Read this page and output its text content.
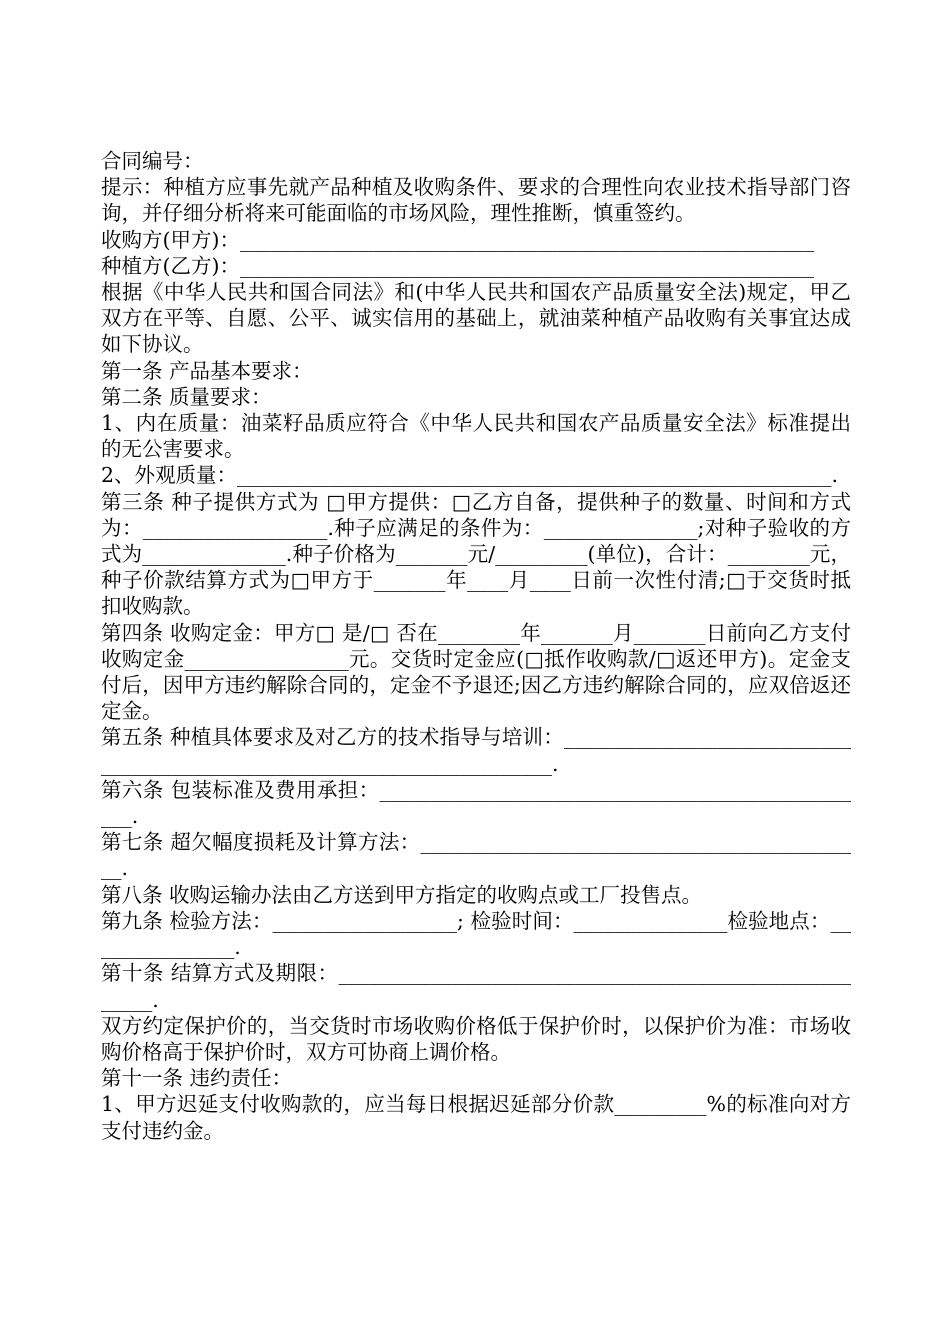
合同编号：

提示：种植方应事先就产品种植及收购条件、要求的合理性向农业技术指导部门咨询，并仔细分析将来可能面临的市场风险，理性推断，慎重签约。

收购方(甲方)：________________________________________________________

种植方(乙方)：________________________________________________________

根据《中华人民共和国合同法》和(中华人民共和国农产品质量安全法)规定，甲乙双方在平等、自愿、公平、诚实信用的基础上，就油菜种植产品收购有关事宜达成如下协议。

第一条 产品基本要求：

第二条 质量要求：

1、内在质量：油菜籽品质应符合《中华人民共和国农产品质量安全法》标准提出的无公害要求。

2、外观质量：__________________________________________________________.

第三条 种子提供方式为 □甲方提供：□乙方自备，提供种子的数量、时间和方式为：__________________.种子应满足的条件为：_______________;对种子验收的方式为______________.种子价格为_______元/_________(单位)，合计：________元，种子价款结算方式为□甲方于_______年____月____日前一次性付清;□于交货时抵扣收购款。

第四条 收购定金：甲方□ 是/□ 否在________年_______月_______日前向乙方支付收购定金________________元。交货时定金应(□抵作收购款/□返还甲方)。定金支付后，因甲方违约解除合同的，定金不予退还;因乙方违约解除合同的，应双倍返还定金。

第五条 种植具体要求及对乙方的技术指导与培训：________________________________________________________________________.

第六条 包装标准及费用承担：_________________________________________________.

第七条 超欠幅度损耗及计算方法：____________________________________________.

第八条 收购运输办法由乙方送到甲方指定的收购点或工厂投售点。

第九条 检验方法：__________________; 检验时间：_______________检验地点：_______________.

第十条 结算方式及期限：_______________________________________________________.

双方约定保护价的，当交货时市场收购价格低于保护价时，以保护价为准：市场收购价格高于保护价时，双方可协商上调价格。

第十一条 违约责任：

1、甲方迟延支付收购款的，应当每日根据迟延部分价款_________%的标准向对方支付违约金。
